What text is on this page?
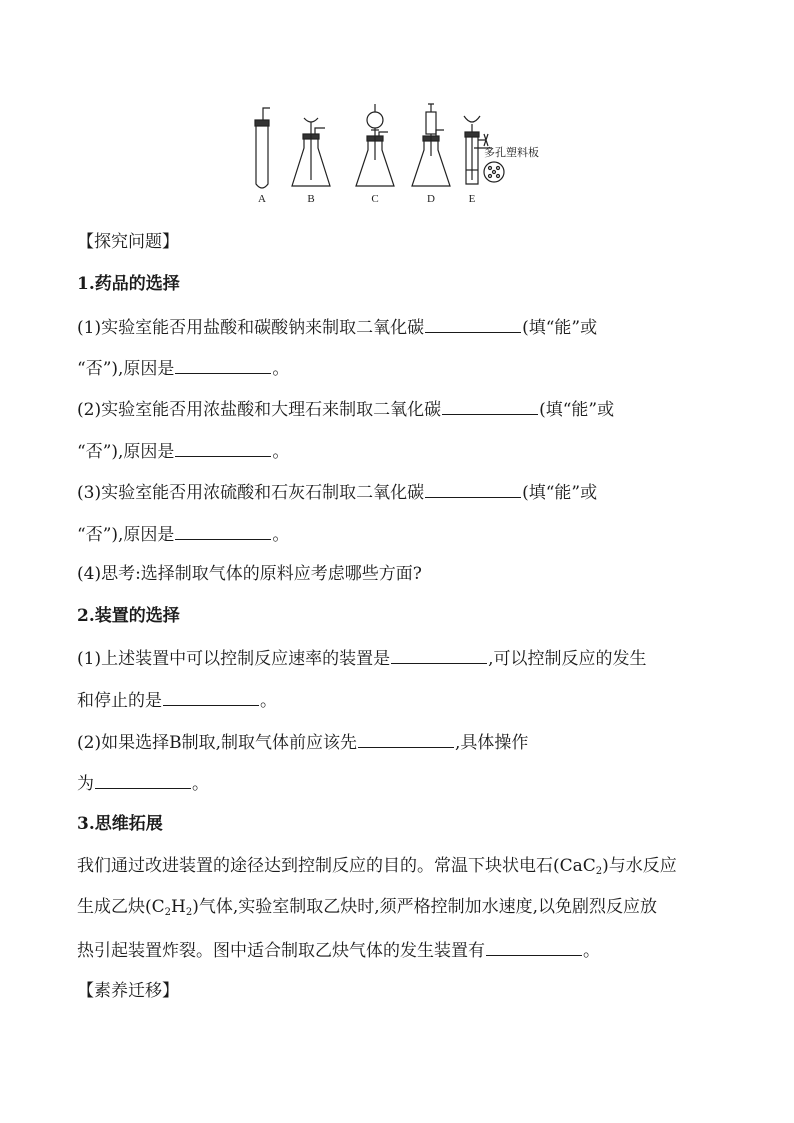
A	B	C	D	E
多孔塑料板
【探究问题】
1.药品的选择
(1)实验室能否用盐酸和碳酸钠来制取二氧化碳	(填“能”或
“否”),原因是	。
(2)实验室能否用浓盐酸和大理石来制取二氧化碳	(填“能”或
“否”),原因是	。
(3)实验室能否用浓硫酸和石灰石制取二氧化碳	(填“能”或
“否”),原因是	。
(4)思考:选择制取气体的原料应考虑哪些方面?
2.装置的选择
(1)上述装置中可以控制反应速率的装置是	,可以控制反应的发生
和停止的是	。
(2)如果选择B制取,制取气体前应该先	,具体操作
为	。
3.思维拓展
我们通过改进装置的途径达到控制反应的目的。常温下块状电石(CaC$_2$)与水反应
生成乙炔$(C_2H_2)$气体,实验室制取乙炔时,须严格控制加水速度,以免剧烈反应放
热引起装置炸裂。图中适合制取乙炔气体的发生装置有	。
【素养迁移】
